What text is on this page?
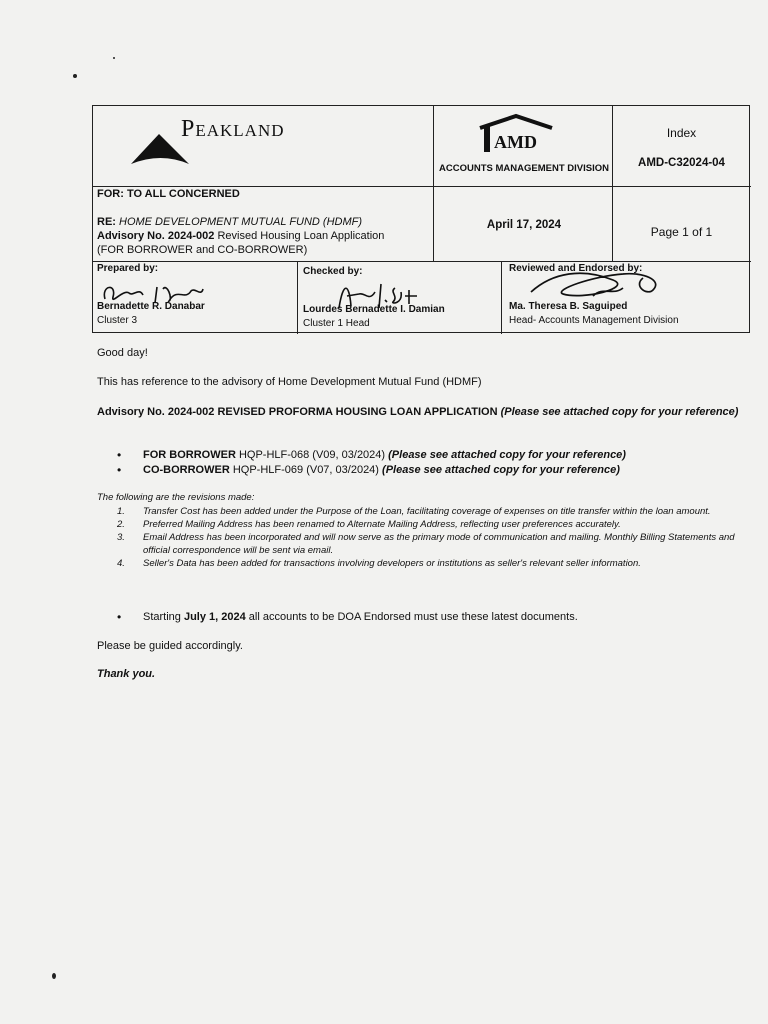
Peakland	AMD
ACCOUNTS MANAGEMENT DIVISION
Index
AMD-C32024-04
FOR: TO ALL CONCERNED
RE: HOME DEVELOPMENT MUTUAL FUND (HDMF)
Advisory No. 2024-002 Revised Housing Loan Application
(FOR BORROWER and CO-BORROWER)
April 17, 2024	Page 1 of 1
Prepared by:
Bernadette R. Danabar
Cluster 3
Checked by:
Lourdes Bernadette I. Damian
Cluster 1 Head
Reviewed and Endorsed by:
Ma. Theresa B. Saguiped
Head- Accounts Management Division
Good day!
This has reference to the advisory of Home Development Mutual Fund (HDMF)
Advisory No. 2024-002 REVISED PROFORMA HOUSING LOAN APPLICATION (Please see attached copy for your reference)
• FOR BORROWER HQP-HLF-068 (V09, 03/2024) (Please see attached copy for your reference)
• CO-BORROWER HQP-HLF-069 (V07, 03/2024) (Please see attached copy for your reference)
The following are the revisions made:
1. Transfer Cost has been added under the Purpose of the Loan, facilitating coverage of expenses on title transfer within the loan amount.
2. Preferred Mailing Address has been renamed to Alternate Mailing Address, reflecting user preferences accurately.
3. Email Address has been incorporated and will now serve as the primary mode of communication and mailing. Monthly Billing Statements and official correspondence will be sent via email.
4. Seller's Data has been added for transactions involving developers or institutions as seller's relevant seller information.
• Starting July 1, 2024 all accounts to be DOA Endorsed must use these latest documents.
Please be guided accordingly.
Thank you.
